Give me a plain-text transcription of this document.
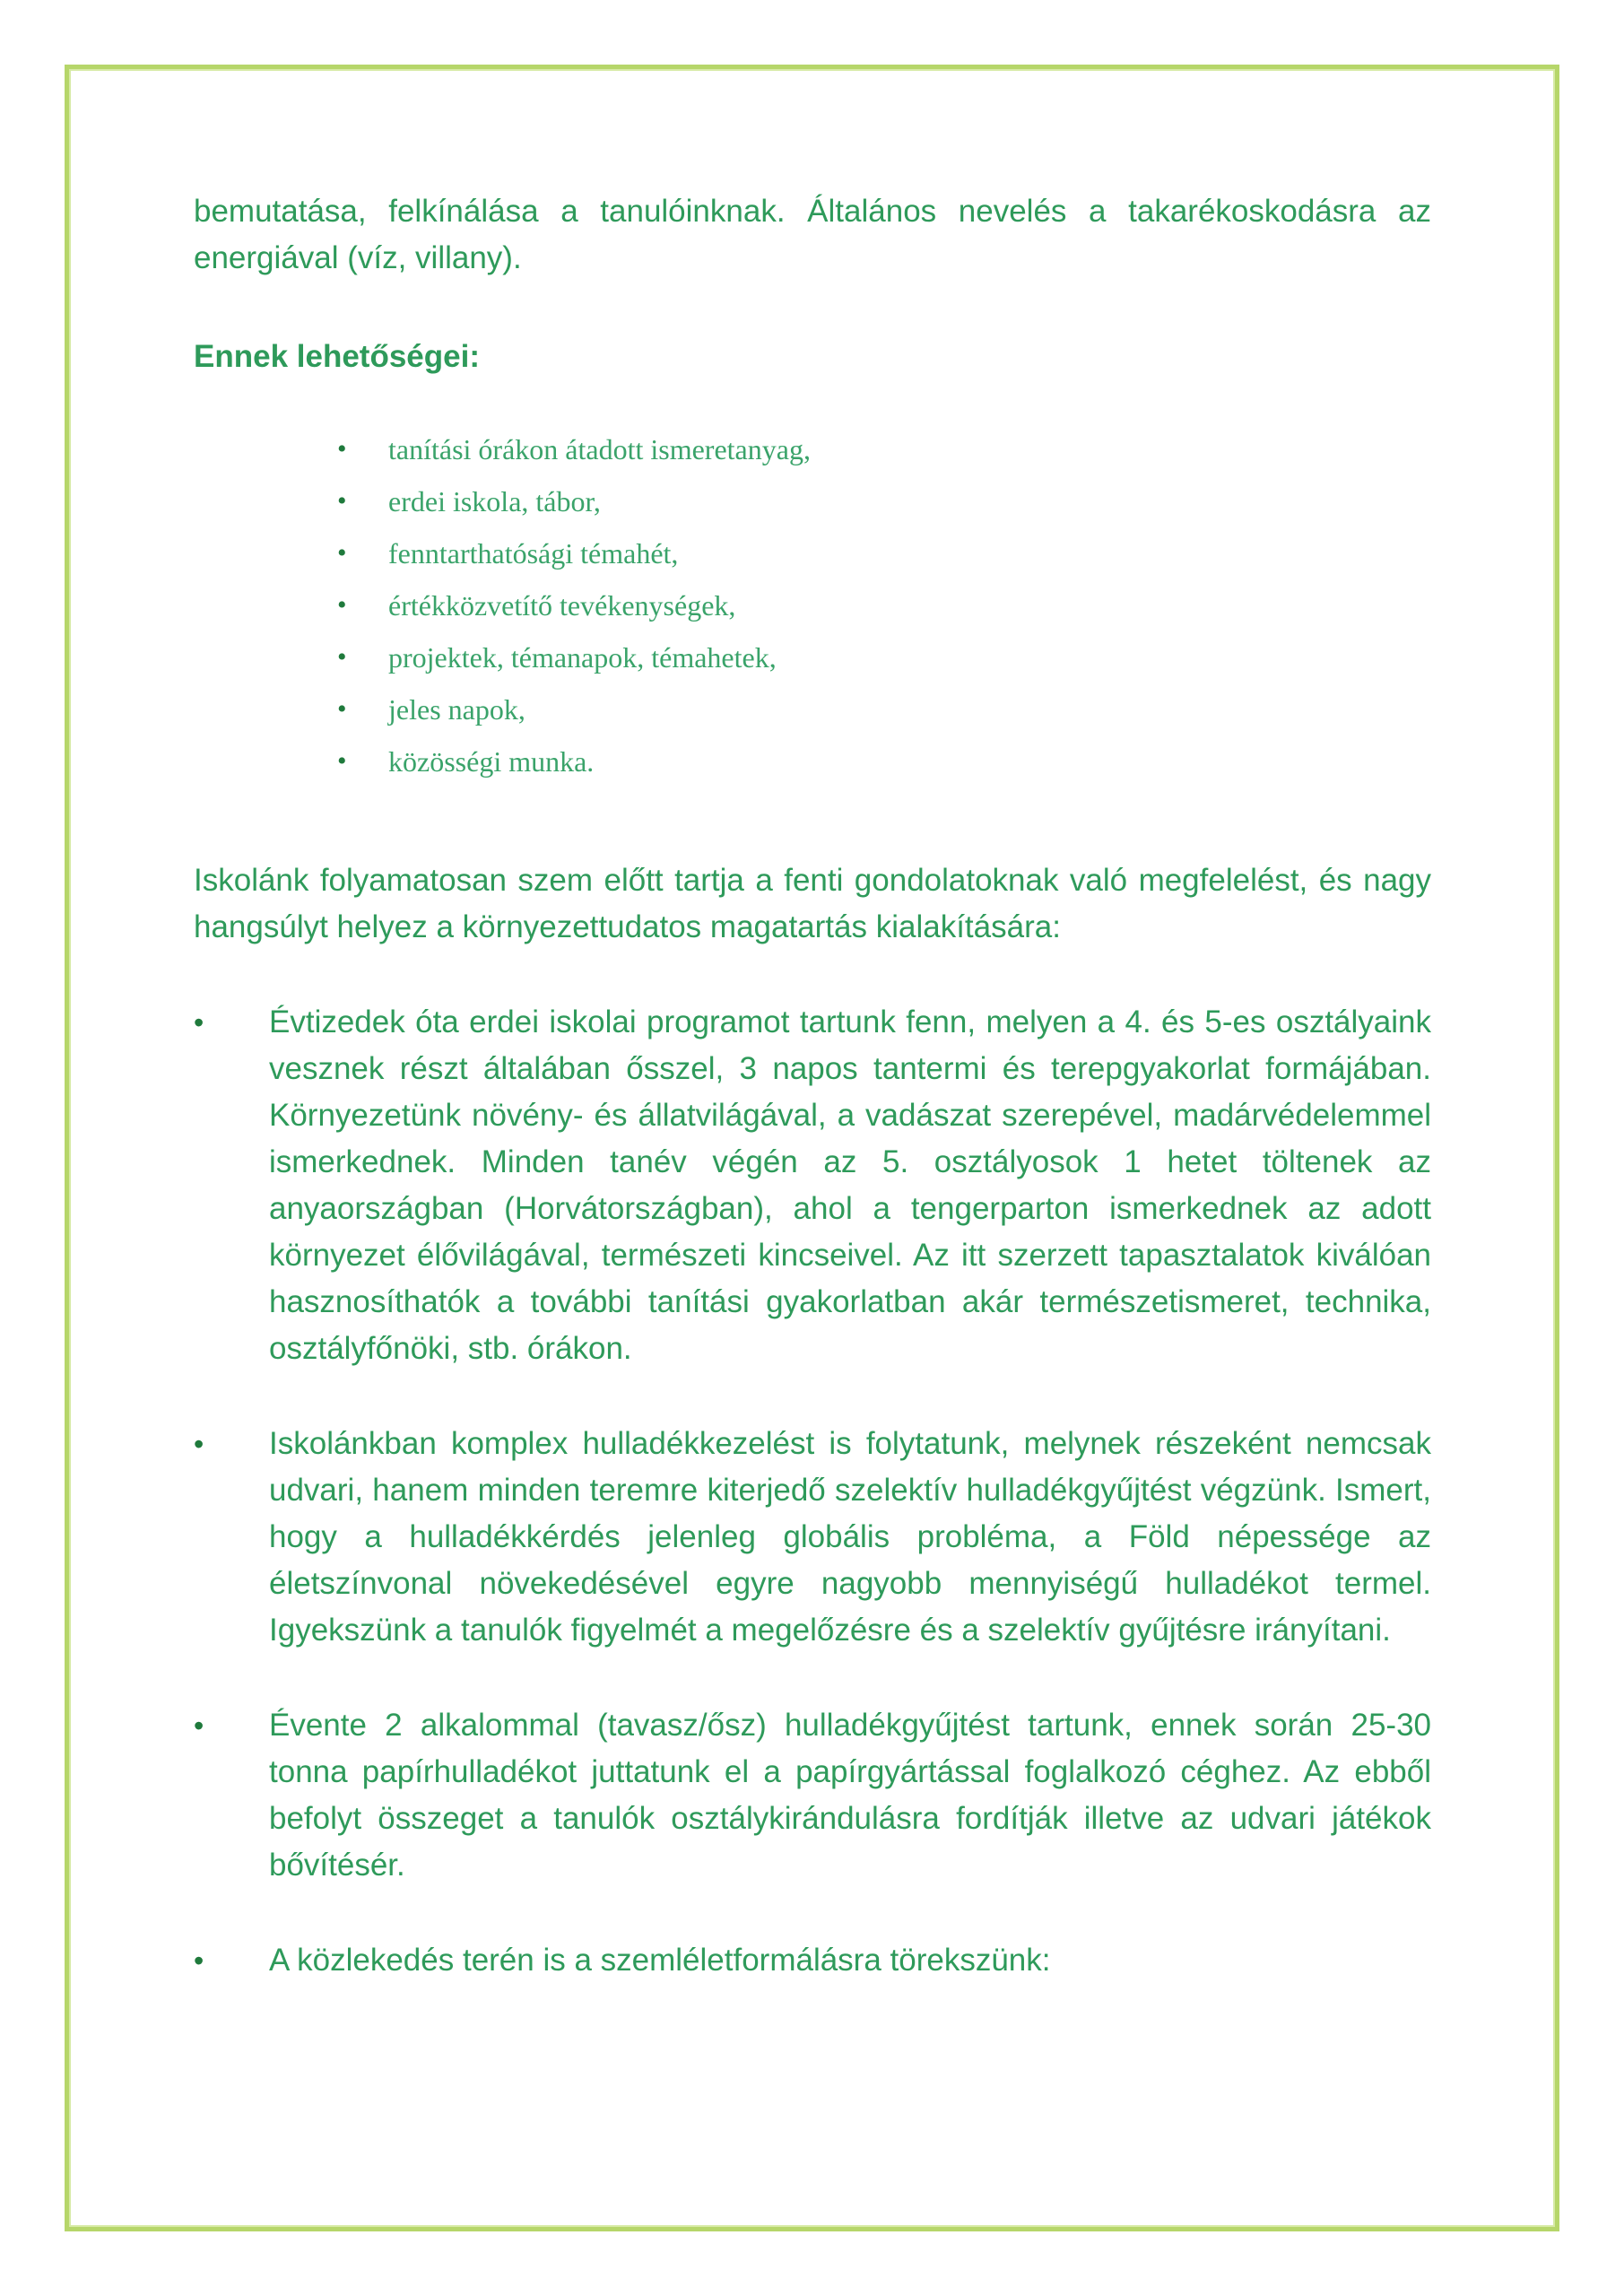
bemutatása, felkínálása a tanulóinknak. Általános nevelés a takarékoskodásra az energiával (víz, villany).

Ennek lehetőségei:

• tanítási órákon átadott ismeretanyag,
• erdei iskola, tábor,
• fenntarthatósági témahét,
• értékközvetítő tevékenységek,
• projektek, témanapok, témahetek,
• jeles napok,
• közösségi munka.

Iskolánk folyamatosan szem előtt tartja a fenti gondolatoknak való megfelelést, és nagy hangsúlyt helyez a környezettudatos magatartás kialakítására:

• Évtizedek óta erdei iskolai programot tartunk fenn, melyen a 4. és 5-es osztályaink vesznek részt általában ősszel, 3 napos tantermi és terepgyakorlat formájában. Környezetünk növény- és állatvilágával, a vadászat szerepével, madárvédelemmel ismerkednek. Minden tanév végén az 5. osztályosok 1 hetet töltenek az anyaországban (Horvátországban), ahol a tengerparton ismerkednek az adott környezet élővilágával, természeti kincseivel. Az itt szerzett tapasztalatok kiválóan hasznosíthatók a további tanítási gyakorlatban akár természetismeret, technika, osztályfőnöki, stb. órákon.
• Iskolánkban komplex hulladékkezelést is folytatunk, melynek részeként nemcsak udvari, hanem minden teremre kiterjedő szelektív hulladékgyűjtést végzünk. Ismert, hogy a hulladékkérdés jelenleg globális probléma, a Föld népessége az életszínvonal növekedésével egyre nagyobb mennyiségű hulladékot termel. Igyekszünk a tanulók figyelmét a megelőzésre és a szelektív gyűjtésre irányítani.
• Évente 2 alkalommal (tavasz/ősz) hulladékgyűjtést tartunk, ennek során 25-30 tonna papírhulladékot juttatunk el a papírgyártással foglalkozó céghez. Az ebből befolyt összeget a tanulók osztálykirándulásra fordítják illetve az udvari játékok bővítésér.
• A közlekedés terén is a szemléletformálásra törekszünk:
